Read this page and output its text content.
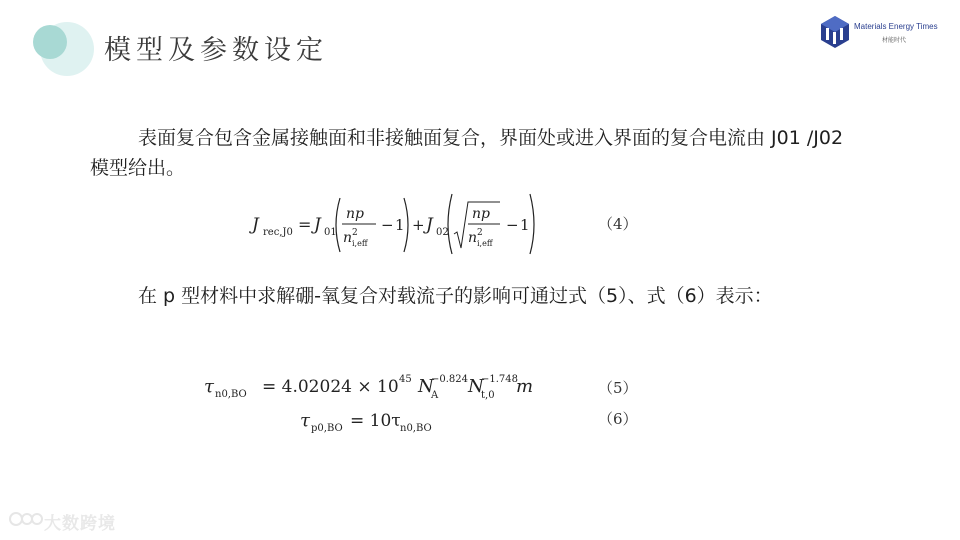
模型及参数设定
Materials Energy Times
材能时代

表面复合包含金属接触面和非接触面复合，界面处或进入界面的复合电流由 J01 /J02 模型给出。

J rec,J0 = J 01
np
n 2
i,eff
− 1 + J 02
np
n 2
i,eff
− 1	（4）

在 p 型材料中求解硼-氧复合对载流子的影响可通过式（5）、式（6）表示：

τ n0,BO = 4.02024 × 10 45 N
A
−0.824 N
t,0
−1.748
m	（5）
τ p0,BO = 10τ n0,BO
（6）
大数跨境
